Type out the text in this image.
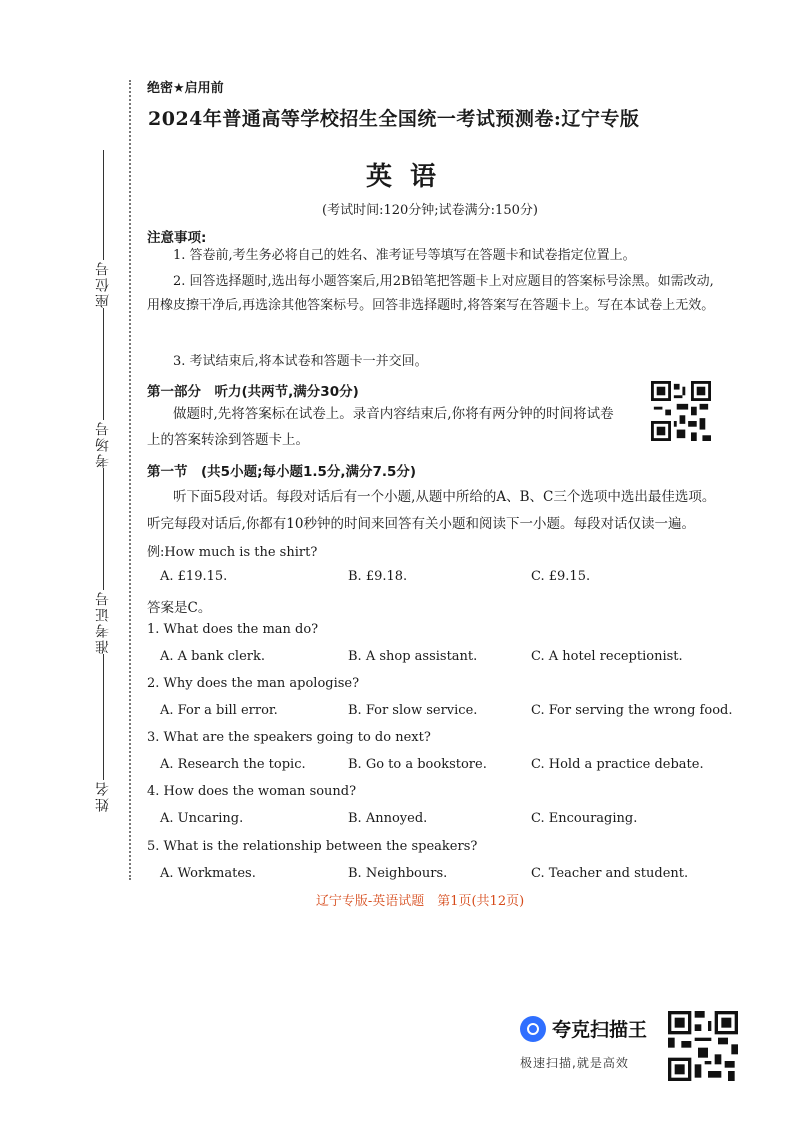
座位号
考场号
准考证号
姓名
绝密★启用前
2024年普通高等学校招生全国统一考试预测卷:辽宁专版
英语
(考试时间:120分钟;试卷满分:150分)
注意事项:
1. 答卷前,考生务必将自己的姓名、准考证号等填写在答题卡和试卷指定位置上。
2. 回答选择题时,选出每小题答案后,用2B铅笔把答题卡上对应题目的答案标号涂黑。如需改动,用橡皮擦干净后,再选涂其他答案标号。回答非选择题时,将答案写在答题卡上。写在本试卷上无效。
3. 考试结束后,将本试卷和答题卡一并交回。
第一部分　听力(共两节,满分30分)
做题时,先将答案标在试卷上。录音内容结束后,你将有两分钟的时间将试卷上的答案转涂到答题卡上。
第一节　(共5小题;每小题1.5分,满分7.5分)
听下面5段对话。每段对话后有一个小题,从题中所给的A、B、C三个选项中选出最佳选项。听完每段对话后,你都有10秒钟的时间来回答有关小题和阅读下一小题。每段对话仅读一遍。
例:How much is the shirt?
A. £19.15.	B. £9.18.	C. £9.15.
答案是C。
1. What does the man do?
A. A bank clerk.	B. A shop assistant.	C. A hotel receptionist.
2. Why does the man apologise?
A. For a bill error.	B. For slow service.	C. For serving the wrong food.
3. What are the speakers going to do next?
A. Research the topic.	B. Go to a bookstore.	C. Hold a practice debate.
4. How does the woman sound?
A. Uncaring.	B. Annoyed.	C. Encouraging.
5. What is the relationship between the speakers?
A. Workmates.	B. Neighbours.	C. Teacher and student.
辽宁专版-英语试题　第1页(共12页)
夸克扫描王
极速扫描,就是高效
